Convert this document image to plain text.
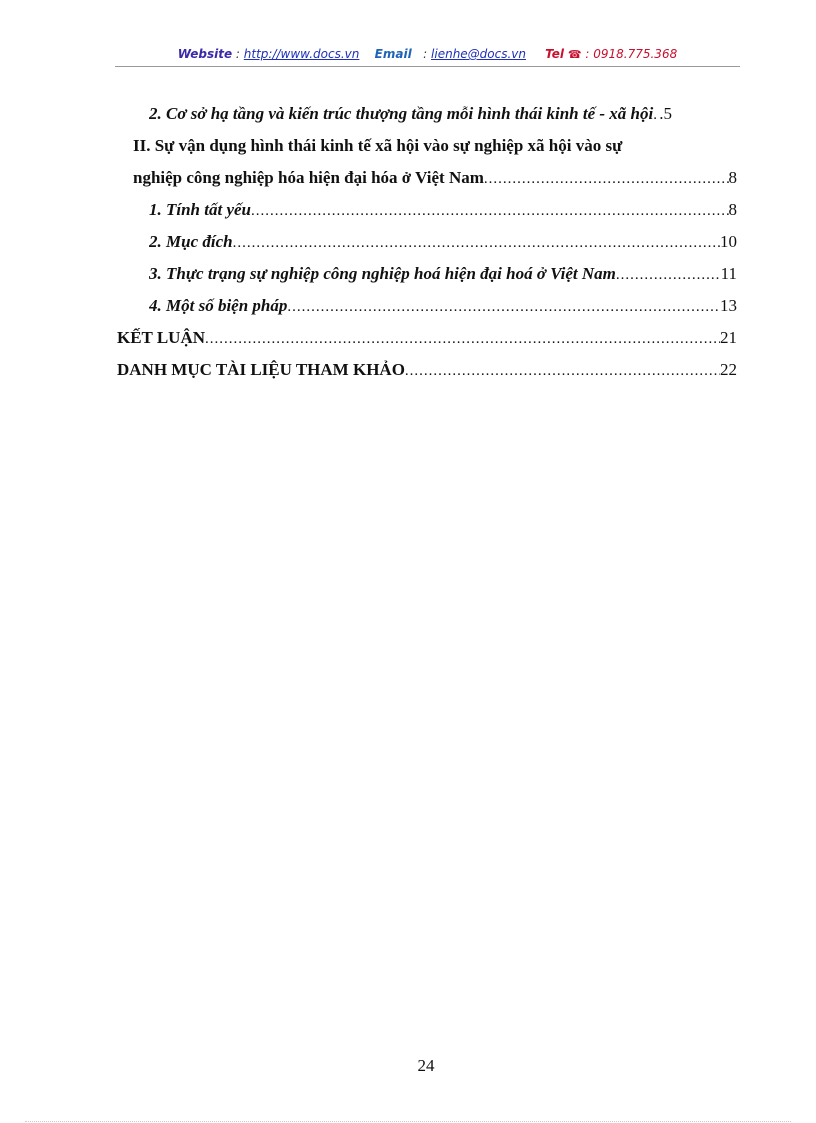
Website : http://www.docs.vn Email   : lienhe@docs.vn Tel ☎ : 0918.775.368
2. Cơ sở hạ tầng và kiến trúc thượng tầng mỗi hình thái kinh tế - xã hội ..... .5
II. Sự vận dụng hình thái kinh tế xã hội vào sự nghiệp xã hội vào sự
nghiệp công nghiệp hóa hiện đại hóa ở Việt Nam .....	8
1. Tính tất yếu .....	8
2. Mục đích .....	10
3. Thực trạng sự nghiệp công nghiệp hoá hiện đại hoá ở Việt Nam .....	11
4. Một số biện pháp .....	13
KẾT LUẬN .....	21
DANH MỤC TÀI LIỆU THAM KHẢO .....	22
24
